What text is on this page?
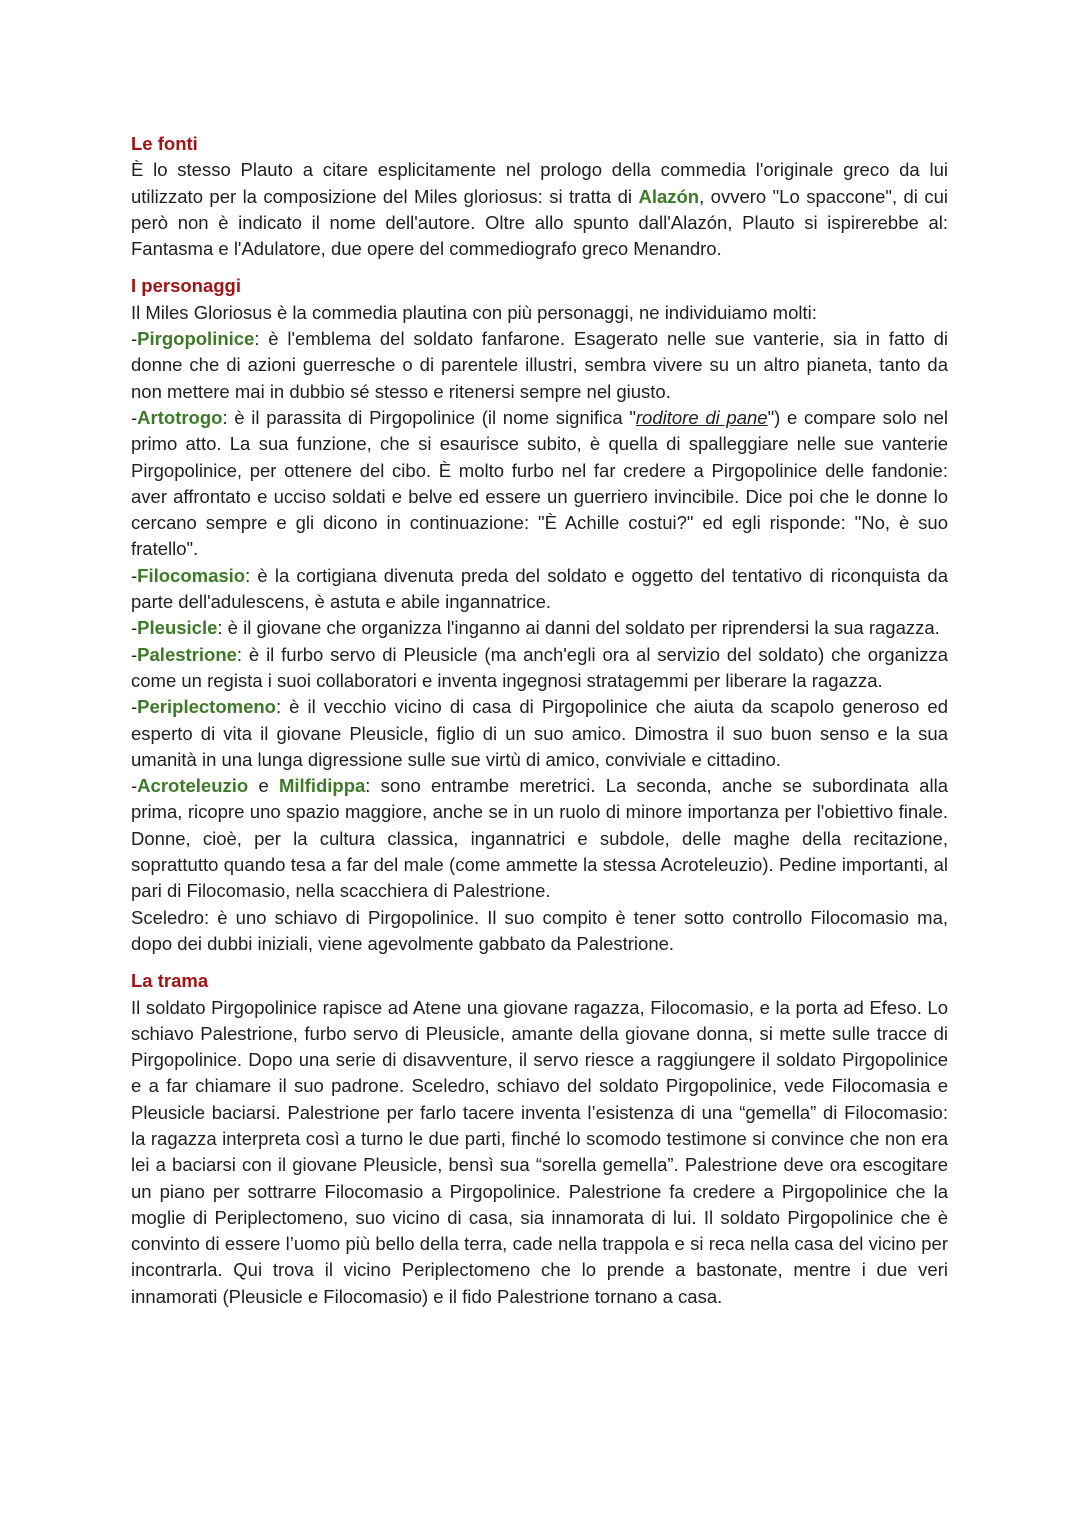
Le fonti

È lo stesso Plauto a citare esplicitamente nel prologo della commedia l'originale greco da lui utilizzato per la composizione del Miles gloriosus: si tratta di Alazón, ovvero "Lo spaccone", di cui però non è indicato il nome dell'autore. Oltre allo spunto dall'Alazón, Plauto si ispirerebbe al: Fantasma e l'Adulatore, due opere del commediografo greco Menandro.

I personaggi

Il Miles Gloriosus è la commedia plautina con più personaggi, ne individuiamo molti:

-Pirgopolinice: è l'emblema del soldato fanfarone. Esagerato nelle sue vanterie, sia in fatto di donne che di azioni guerresche o di parentele illustri, sembra vivere su un altro pianeta, tanto da non mettere mai in dubbio sé stesso e ritenersi sempre nel giusto.

-Artotrogo: è il parassita di Pirgopolinice (il nome significa "roditore di pane") e compare solo nel primo atto. La sua funzione, che si esaurisce subito, è quella di spalleggiare nelle sue vanterie Pirgopolinice, per ottenere del cibo. È molto furbo nel far credere a Pirgopolinice delle fandonie: aver affrontato e ucciso soldati e belve ed essere un guerriero invincibile. Dice poi che le donne lo cercano sempre e gli dicono in continuazione: "È Achille costui?" ed egli risponde: "No, è suo fratello".

-Filocomasio: è la cortigiana divenuta preda del soldato e oggetto del tentativo di riconquista da parte dell'adulescens, è astuta e abile ingannatrice.

-Pleusicle: è il giovane che organizza l'inganno ai danni del soldato per riprendersi la sua ragazza.

-Palestrione: è il furbo servo di Pleusicle (ma anch'egli ora al servizio del soldato) che organizza come un regista i suoi collaboratori e inventa ingegnosi stratagemmi per liberare la ragazza.

-Periplectomeno: è il vecchio vicino di casa di Pirgopolinice che aiuta da scapolo generoso ed esperto di vita il giovane Pleusicle, figlio di un suo amico. Dimostra il suo buon senso e la sua umanità in una lunga digressione sulle sue virtù di amico, conviviale e cittadino.

-Acroteleuzio e Milfidippa: sono entrambe meretrici. La seconda, anche se subordinata alla prima, ricopre uno spazio maggiore, anche se in un ruolo di minore importanza per l'obiettivo finale. Donne, cioè, per la cultura classica, ingannatrici e subdole, delle maghe della recitazione, soprattutto quando tesa a far del male (come ammette la stessa Acroteleuzio). Pedine importanti, al pari di Filocomasio, nella scacchiera di Palestrione.

Sceledro: è uno schiavo di Pirgopolinice. Il suo compito è tener sotto controllo Filocomasio ma, dopo dei dubbi iniziali, viene agevolmente gabbato da Palestrione.

La trama

Il soldato Pirgopolinice rapisce ad Atene una giovane ragazza, Filocomasio, e la porta ad Efeso. Lo schiavo Palestrione, furbo servo di Pleusicle, amante della giovane donna, si mette sulle tracce di Pirgopolinice. Dopo una serie di disavventure, il servo riesce a raggiungere il soldato Pirgopolinice e a far chiamare il suo padrone. Sceledro, schiavo del soldato Pirgopolinice, vede Filocomasia e Pleusicle baciarsi. Palestrione per farlo tacere inventa l’esistenza di una “gemella” di Filocomasio: la ragazza interpreta così a turno le due parti, finché lo scomodo testimone si convince che non era lei a baciarsi con il giovane Pleusicle, bensì sua “sorella gemella”. Palestrione deve ora escogitare un piano per sottrarre Filocomasio a Pirgopolinice. Palestrione fa credere a Pirgopolinice che la moglie di Periplectomeno, suo vicino di casa, sia innamorata di lui. Il soldato Pirgopolinice che è convinto di essere l’uomo più bello della terra, cade nella trappola e si reca nella casa del vicino per incontrarla. Qui trova il vicino Periplectomeno che lo prende a bastonate, mentre i due veri innamorati (Pleusicle e Filocomasio) e il fido Palestrione tornano a casa.
